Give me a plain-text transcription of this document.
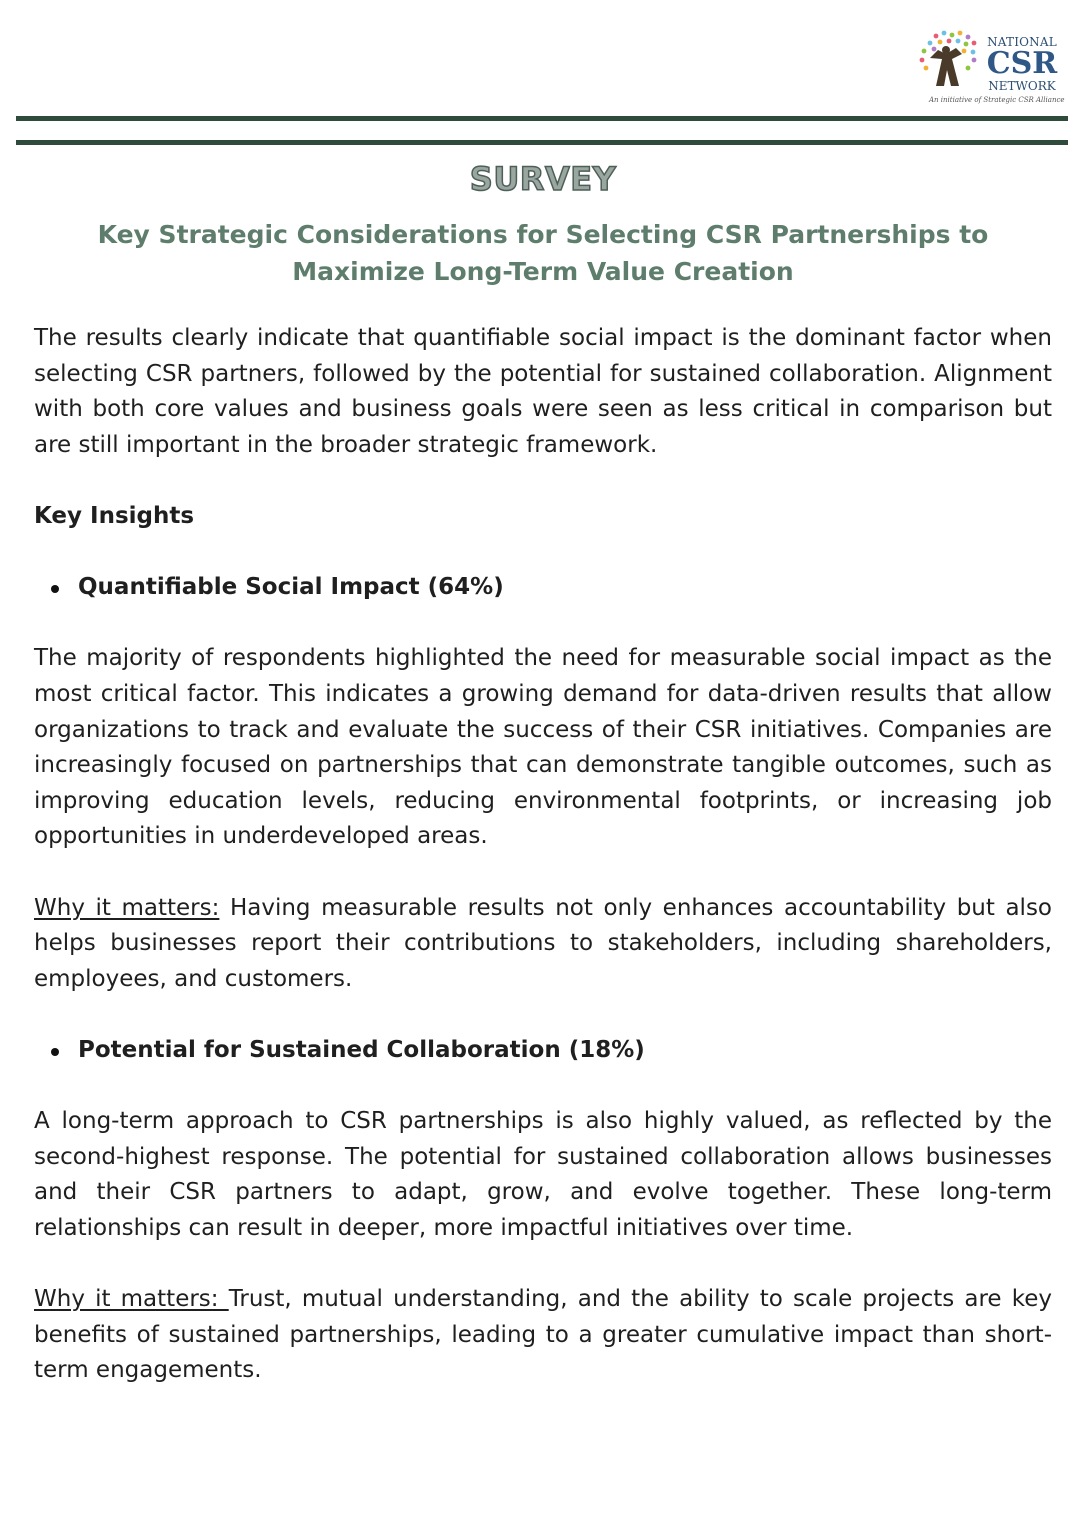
NATIONAL
CSR
NETWORK
An initiative of Strategic CSR Alliance
SURVEY
Key Strategic Considerations for Selecting CSR Partnerships to Maximize Long-Term Value Creation

The results clearly indicate that quantifiable social impact is the dominant factor when selecting CSR partners, followed by the potential for sustained collaboration. Alignment with both core values and business goals were seen as less critical in comparison but are still important in the broader strategic framework.

Key Insights

Quantifiable Social Impact (64%)

The majority of respondents highlighted the need for measurable social impact as the most critical factor. This indicates a growing demand for data-driven results that allow organizations to track and evaluate the success of their CSR initiatives. Companies are increasingly focused on partnerships that can demonstrate tangible outcomes, such as improving education levels, reducing environmental footprints, or increasing job opportunities in underdeveloped areas.

Why it matters: Having measurable results not only enhances accountability but also helps businesses report their contributions to stakeholders, including shareholders, employees, and customers.

Potential for Sustained Collaboration (18%)

A long-term approach to CSR partnerships is also highly valued, as reflected by the second-highest response. The potential for sustained collaboration allows businesses and their CSR partners to adapt, grow, and evolve together. These long-term relationships can result in deeper, more impactful initiatives over time.

Why it matters: Trust, mutual understanding, and the ability to scale projects are key benefits of sustained partnerships, leading to a greater cumulative impact than short-term engagements.
